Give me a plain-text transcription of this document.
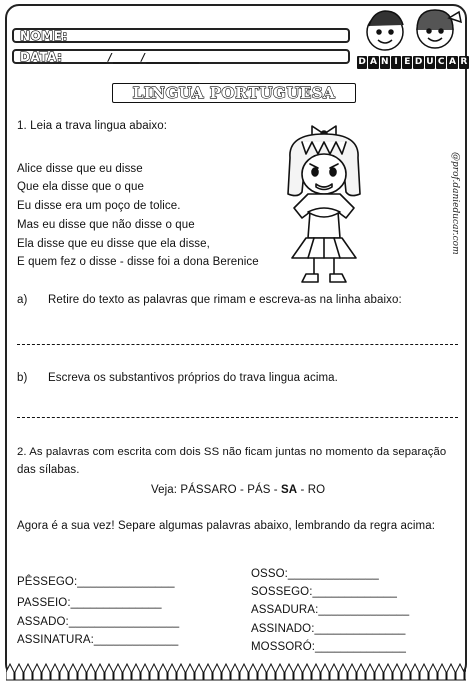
NOME:
DATA: ____/____/________	D A N I E D U C A R
LINGUA PORTUGUESA
@prof.danieducar.com
1. Leia a trava lingua abaixo:
Alice disse que eu disse
Que ela disse que o que
Eu disse era um poço de tolice.
Mas eu disse que não disse o que
Ela disse que eu disse que ela disse,
E quem fez o disse - disse foi a dona Berenice
a) Retire do texto as palavras que rimam e escreva-as na linha abaixo:
b) Escreva os substantivos próprios do trava lingua acima.
2. As palavras com escrita com dois SS não ficam juntas no momento da separação
das sílabas.
Veja: PÁSSARO - PÁS - SA - RO
Agora é a sua vez! Separe algumas palavras abaixo, lembrando da regra acima:
PÊSSEGO:_______________
PASSEIO:______________
ASSADO:_________________
ASSINATURA:_____________
OSSO:______________
SOSSEGO:_____________
ASSADURA:______________
ASSINADO:______________
MOSSORÓ:______________
